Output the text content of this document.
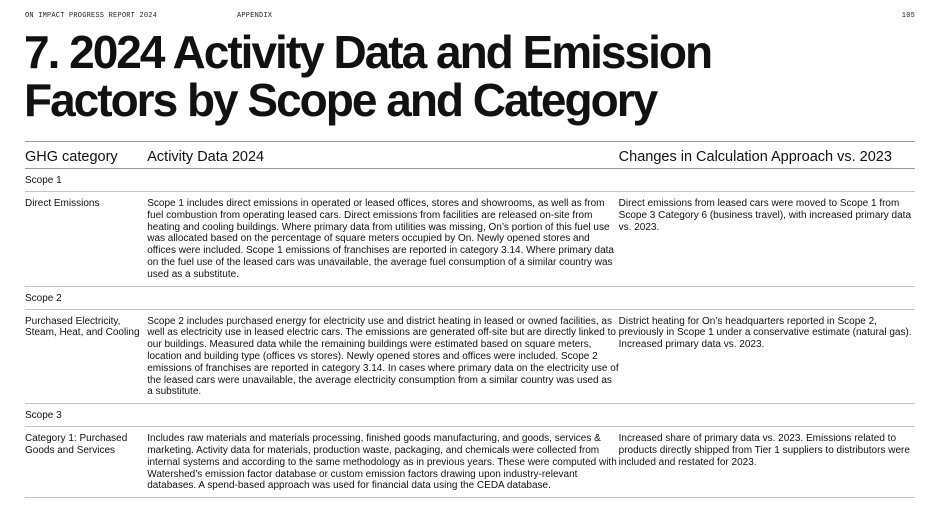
ON IMPACT PROGRESS REPORT 2024	APPENDIX	105
7. 2024 Activity Data and Emission
Factors by Scope and Category
GHG category	Activity Data 2024	Changes in Calculation Approach vs. 2023
Scope 1		
Direct Emissions	Scope 1 includes direct emissions in operated or leased offices, stores and showrooms, as well as from fuel combustion from operating leased cars. Direct emissions from facilities are released on-site from heating and cooling buildings. Where primary data from utilities was missing, On’s portion of this fuel use was allocated based on the percentage of square meters occupied by On. Newly opened stores and offices were included. Scope 1 emissions of franchises are reported in category 3.14. Where primary data on the fuel use of the leased cars was unavailable, the average fuel consumption of a similar country was used as a substitute.	Direct emissions from leased cars were moved to Scope 1 from Scope 3 Category 6 (business travel), with increased primary data vs. 2023.
Scope 2		
Purchased Electricity, Steam, Heat, and Cooling	Scope 2 includes purchased energy for electricity use and district heating in leased or owned facilities, as well as electricity use in leased electric cars. The emissions are generated off-site but are directly linked to our buildings. Measured data while the remaining buildings were estimated based on square meters, location and building type (offices vs stores). Newly opened stores and offices were included. Scope 2 emissions of franchises are reported in category 3.14. In cases where primary data on the electricity use of the leased cars were unavailable, the average electricity consumption from a similar country was used as a substitute.	District heating for On’s headquarters reported in Scope 2, previously in Scope 1 under a conservative estimate (natural gas). Increased primary data vs. 2023.
Scope 3		
Category 1: Purchased Goods and Services	Includes raw materials and materials processing, finished goods manufacturing, and goods, services & marketing. Activity data for materials, production waste, packaging, and chemicals were collected from internal systems and according to the same methodology as in previous years. These were computed with Watershed’s emission factor database or custom emission factors drawing upon industry-relevant databases. A spend-based approach was used for financial data using the CEDA database.	Increased share of primary data vs. 2023. Emissions related to products directly shipped from Tier 1 suppliers to distributors were included and restated for 2023.
